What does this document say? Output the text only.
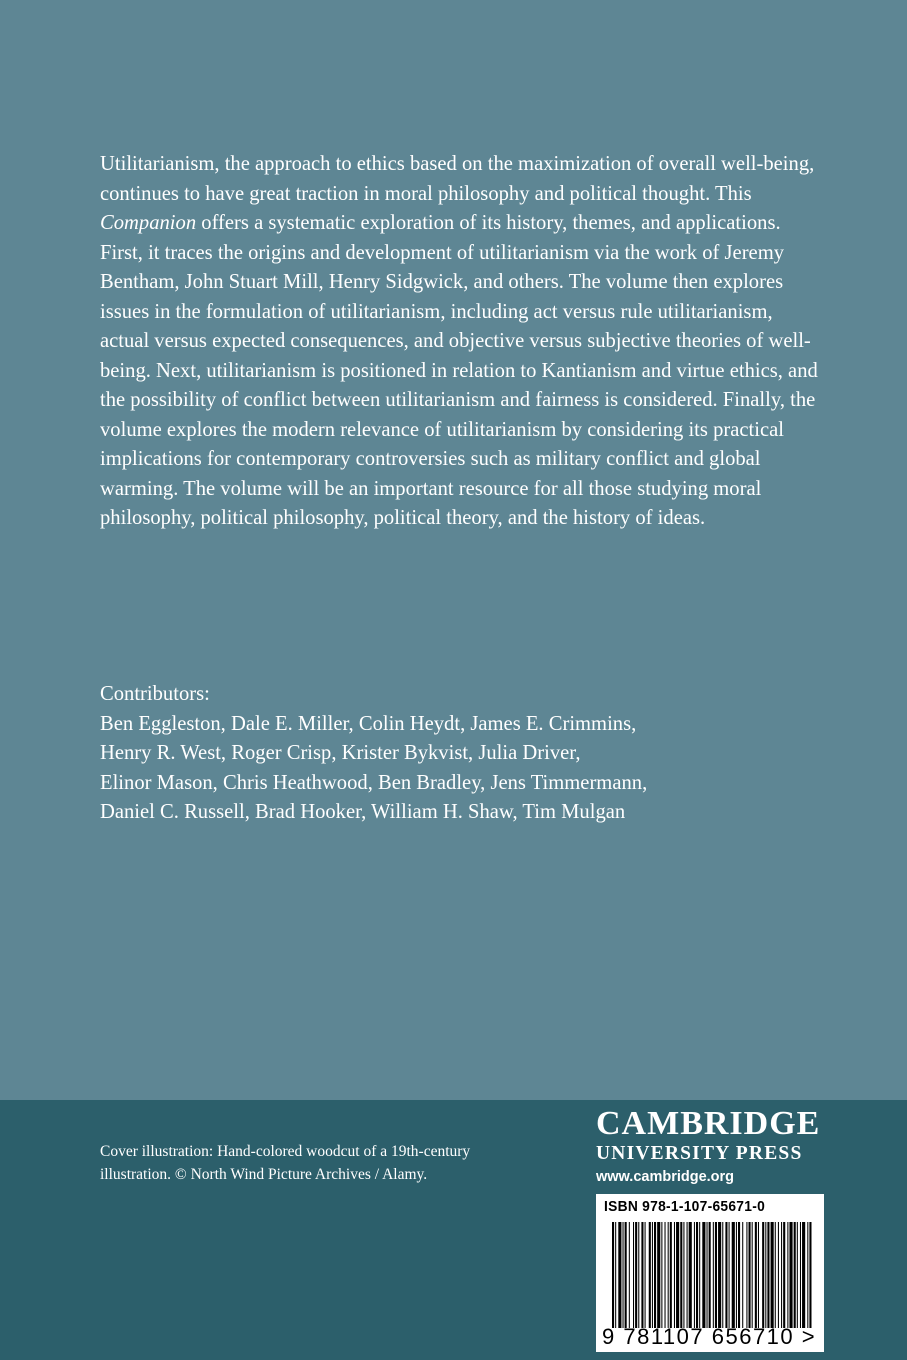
Utilitarianism, the approach to ethics based on the maximization of overall well-being, continues to have great traction in moral philosophy and political thought. This Companion offers a systematic exploration of its history, themes, and applications. First, it traces the origins and development of utilitarianism via the work of Jeremy Bentham, John Stuart Mill, Henry Sidgwick, and others. The volume then explores issues in the formulation of utilitarianism, including act versus rule utilitarianism, actual versus expected consequences, and objective versus subjective theories of well-being. Next, utilitarianism is positioned in relation to Kantianism and virtue ethics, and the possibility of conflict between utilitarianism and fairness is considered. Finally, the volume explores the modern relevance of utilitarianism by considering its practical implications for contemporary controversies such as military conflict and global warming. The volume will be an important resource for all those studying moral philosophy, political philosophy, political theory, and the history of ideas.

Contributors:
Ben Eggleston, Dale E. Miller, Colin Heydt, James E. Crimmins,
Henry R. West, Roger Crisp, Krister Bykvist, Julia Driver,
Elinor Mason, Chris Heathwood, Ben Bradley, Jens Timmermann,
Daniel C. Russell, Brad Hooker, William H. Shaw, Tim Mulgan
Cover illustration: Hand-colored woodcut of a 19th-century
illustration. © North Wind Picture Archives / Alamy.
CAMBRIDGE
UNIVERSITY PRESS
www.cambridge.org
ISBN 978-1-107-65671-0
9 781107 656710 >
